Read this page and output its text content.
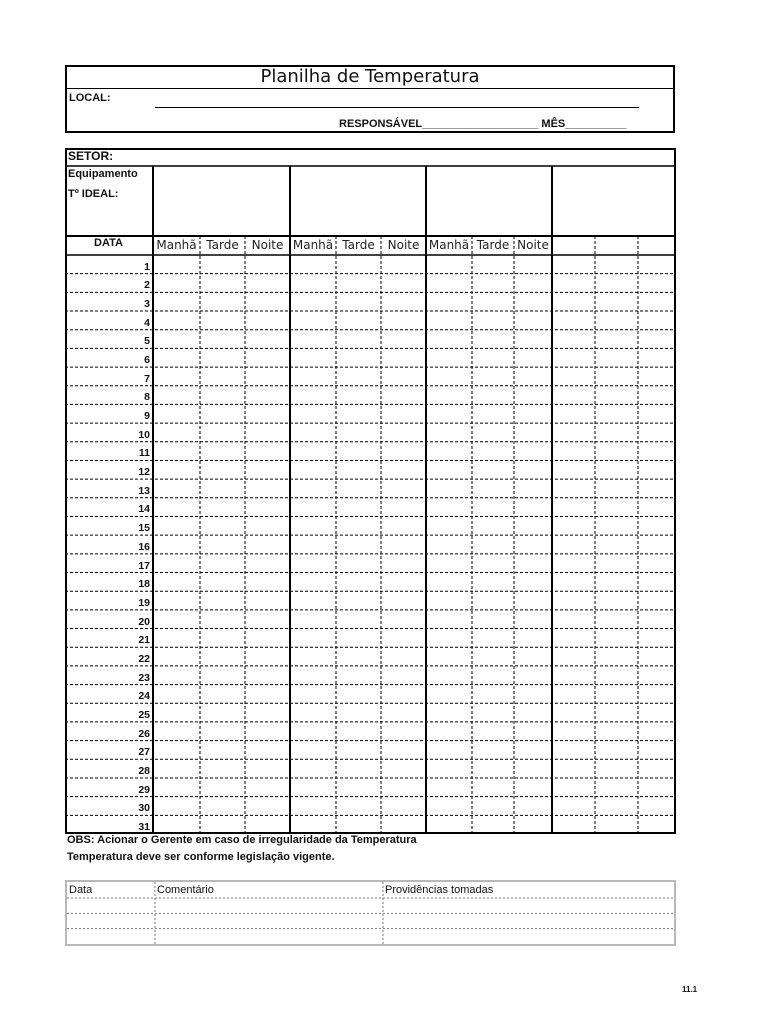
Planilha de Temperatura
LOCAL:
RESPONSÁVEL___________________ MÊS__________
SETOR:
Equipamento
Tº IDEAL:
DATA	Manhã Tarde	Noite Manhã Tarde	Noite Manhã Tarde Noite
1
2
3
4
5
6
7
8
9
10
11
12
13
14
15
16
17
18
19
20
21
22
23
24
25
26
27
28
29
30
31
OBS: Acionar o Gerente em caso de irregularidade da Temperatura
Temperatura deve ser conforme legislação vigente.
Data	Comentário	Providências tomadas
11.1
